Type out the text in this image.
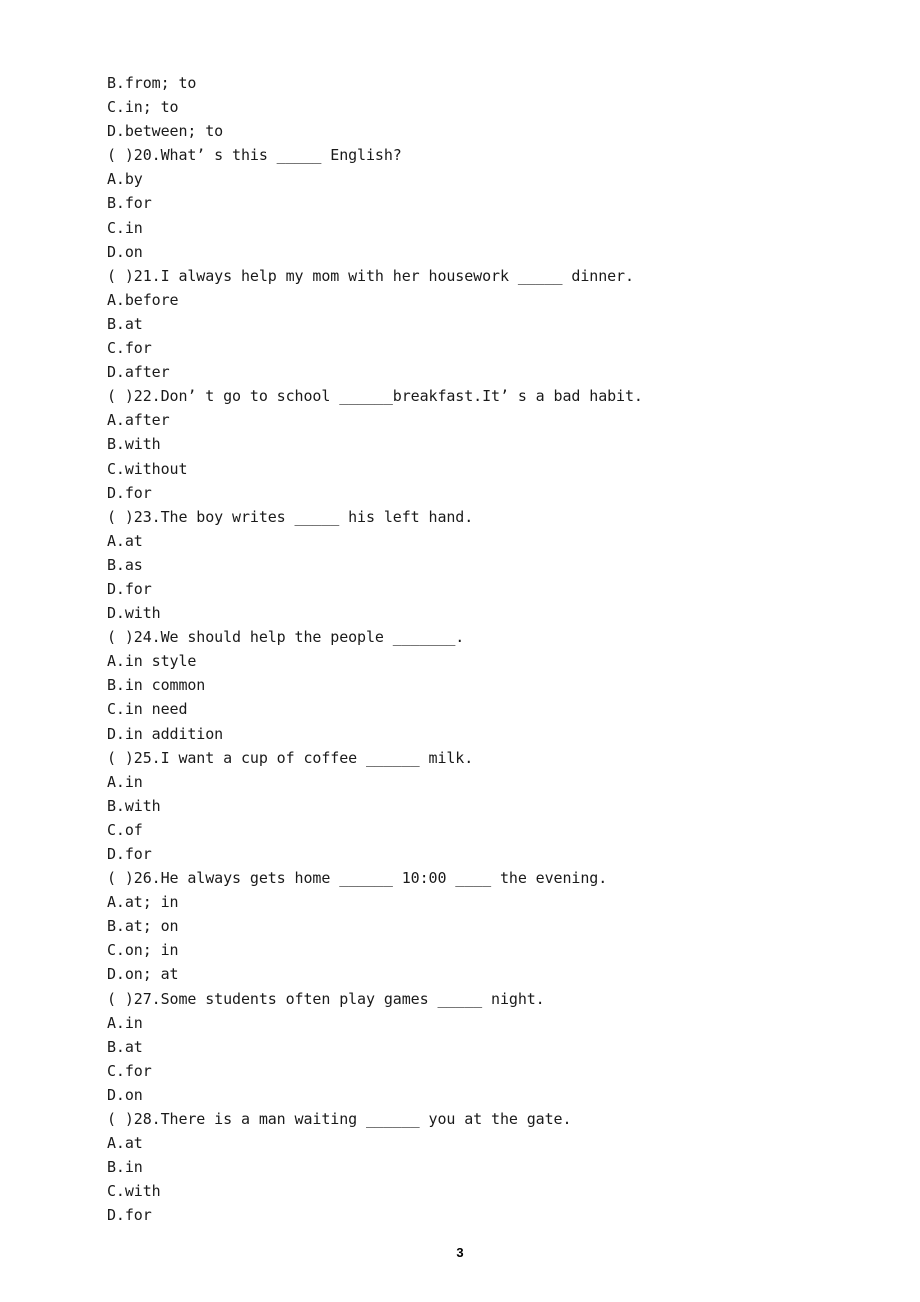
B.from; to
C.in; to
D.between; to
( )20.What’ s this _____ English?
A.by
B.for
C.in
D.on
( )21.I always help my mom with her housework _____ dinner.
A.before
B.at
C.for
D.after
( )22.Don’ t go to school ______breakfast.It’ s a bad habit.
A.after
B.with
C.without
D.for
( )23.The boy writes _____ his left hand.
A.at
B.as
D.for
D.with
( )24.We should help the people _______.
A.in style
B.in common
C.in need
D.in addition
( )25.I want a cup of coffee ______ milk.
A.in
B.with
C.of
D.for
( )26.He always gets home ______ 10:00 ____ the evening.
A.at; in
B.at; on
C.on; in
D.on; at
( )27.Some students often play games _____ night.
A.in
B.at
C.for
D.on
( )28.There is a man waiting ______ you at the gate.
A.at
B.in
C.with
D.for
3
